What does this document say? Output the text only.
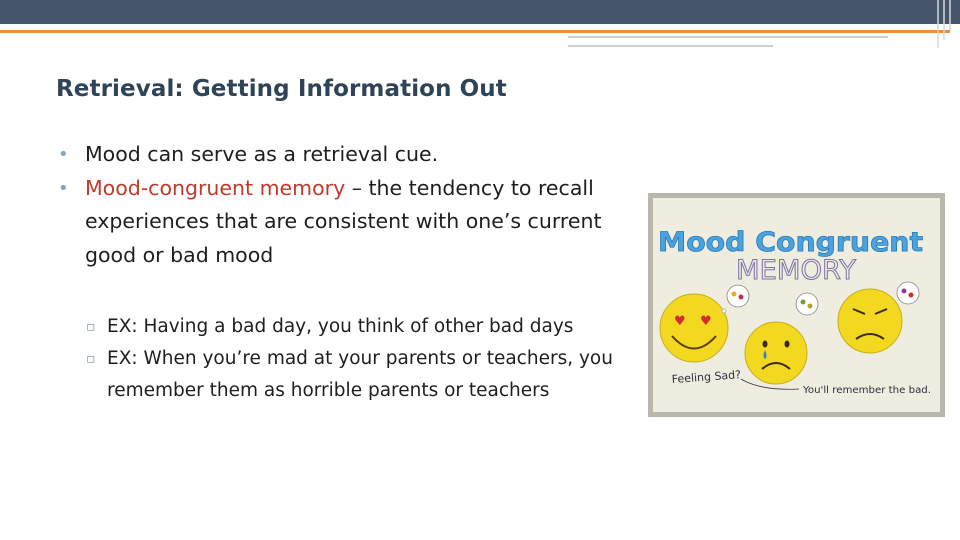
Retrieval: Getting Information Out
• Mood can serve as a retrieval cue.
• Mood-congruent memory – the tendency to recall experiences that are consistent with one’s current good or bad mood
▫ EX: Having a bad day, you think of other bad days
▫ EX: When you’re mad at your parents or teachers, you remember them as horrible parents or teachers
Mood Congruent
MEMORY
♥ ♥
Feeling Sad?
You'll remember the bad.
